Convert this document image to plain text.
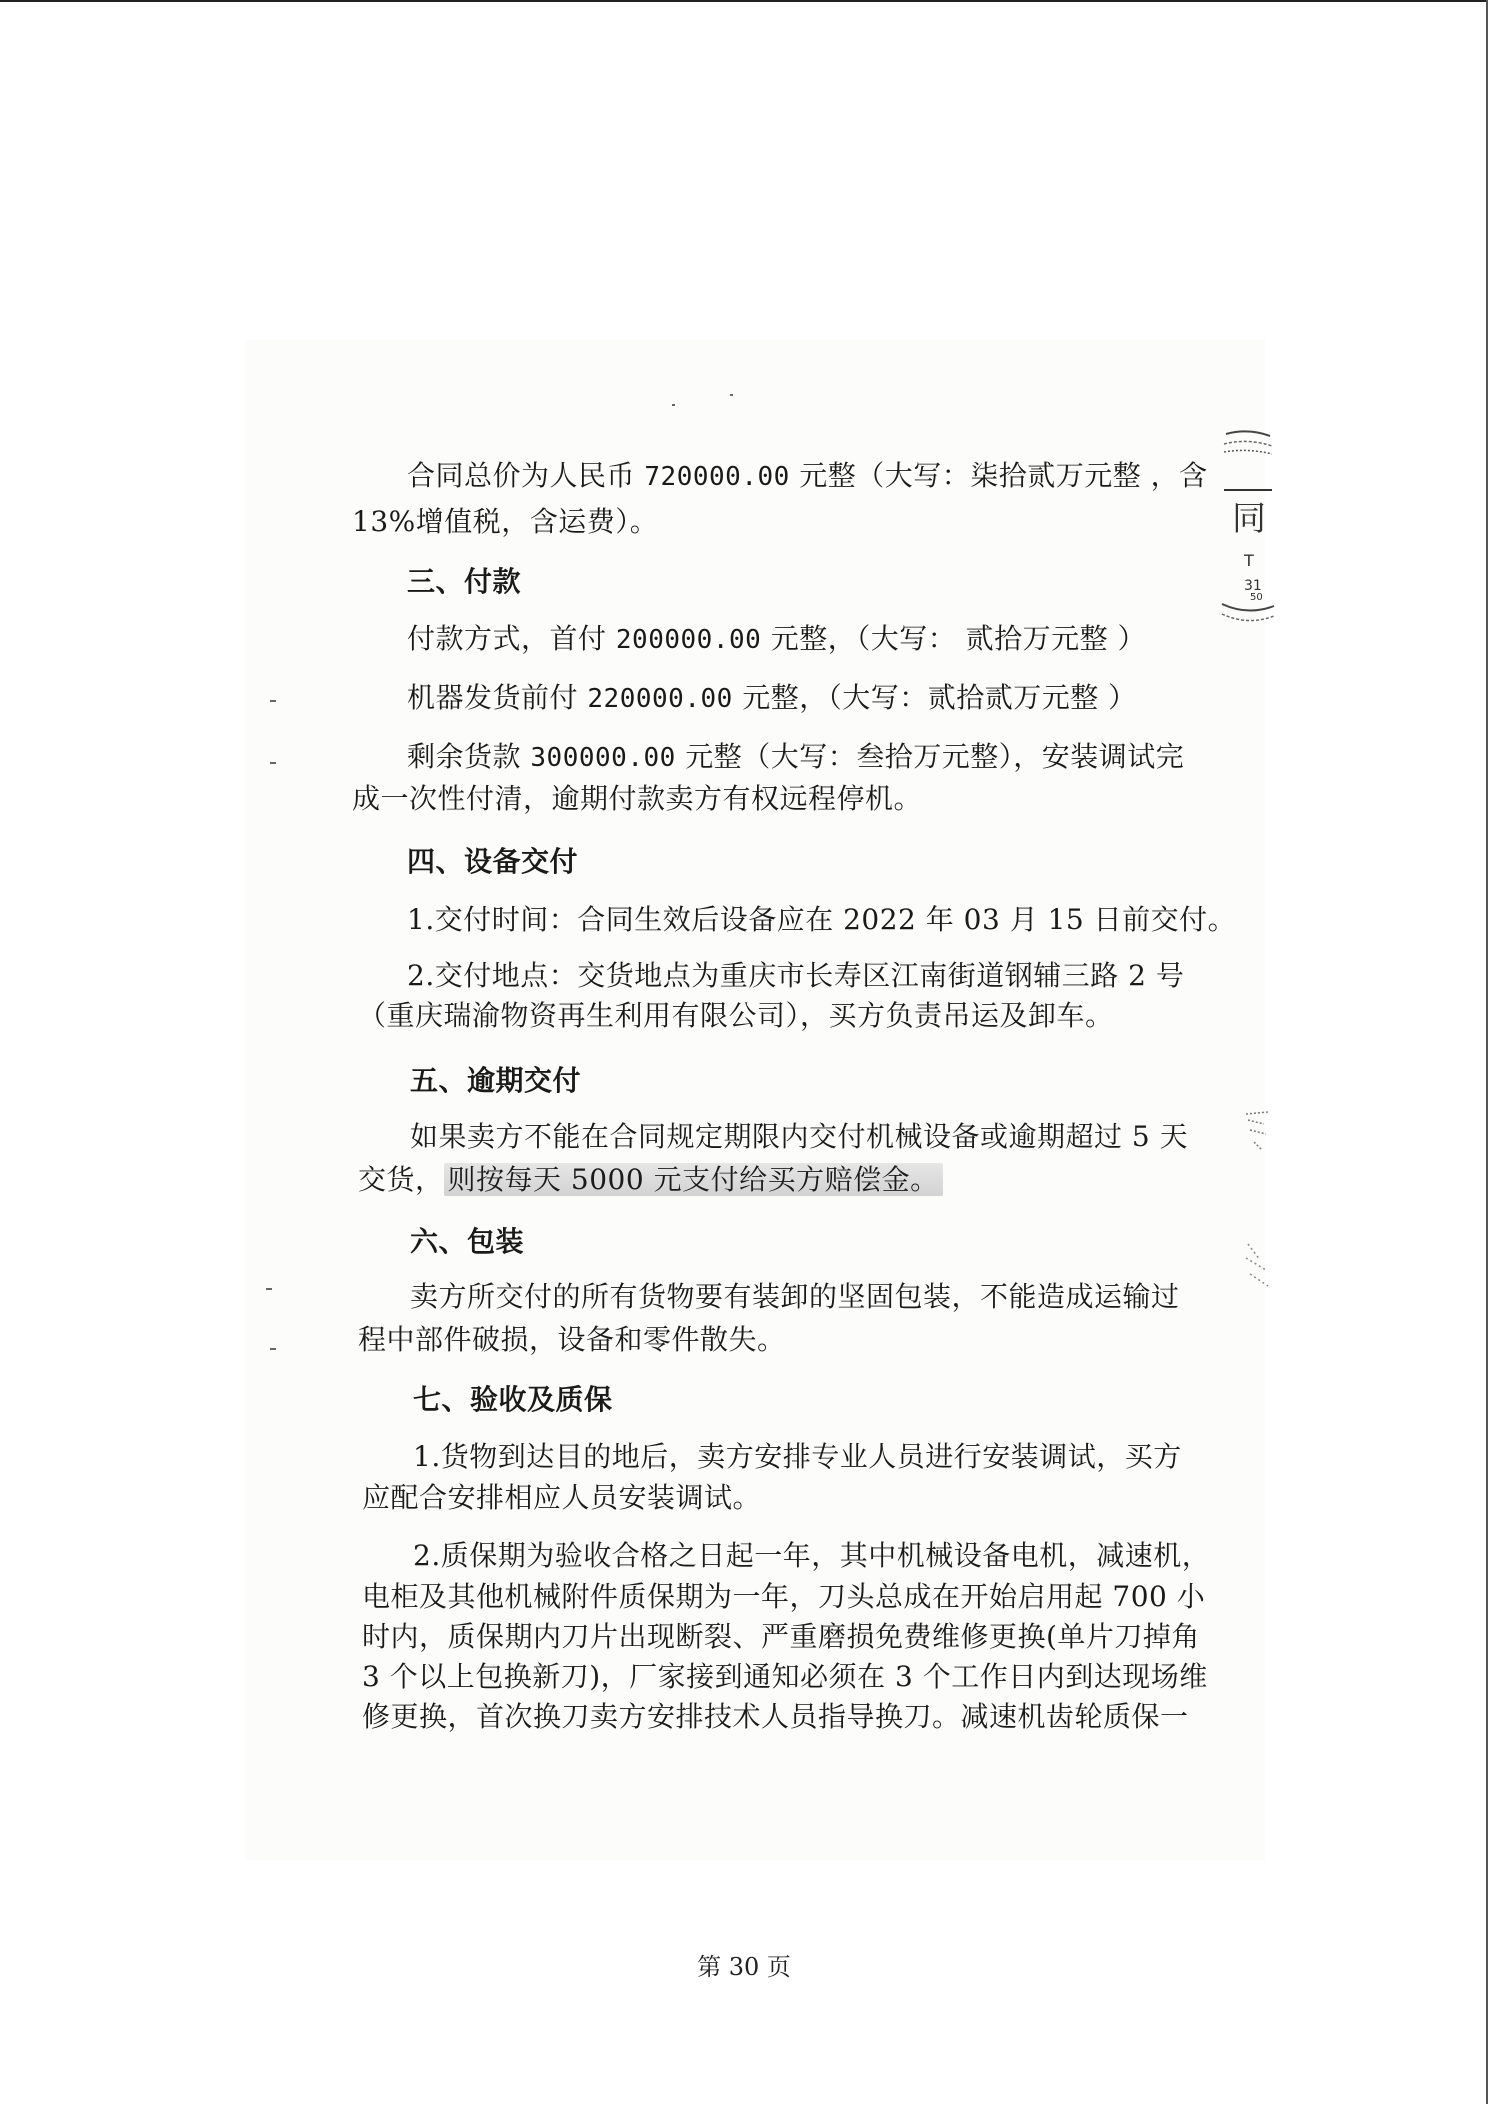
合同总价为人民币 720000.00 元整（大写：柒拾贰万元整 ，含
13%增值税，含运费）。
三、付款
付款方式，首付 200000.00 元整，（大写： 贰拾万元整 ）
机器发货前付 220000.00 元整，（大写：贰拾贰万元整 ）
剩余货款 300000.00 元整（大写：叁拾万元整），安装调试完
成一次性付清，逾期付款卖方有权远程停机。
四、设备交付
1.交付时间：合同生效后设备应在 2022 年 03 月 15 日前交付。
2.交付地点：交货地点为重庆市长寿区江南街道钢辅三路 2 号
（重庆瑞渝物资再生利用有限公司），买方负责吊运及卸车。
五、逾期交付
如果卖方不能在合同规定期限内交付机械设备或逾期超过 5 天
交货， 则按每天 5000 元支付给买方赔偿金。
六、包装
卖方所交付的所有货物要有装卸的坚固包装，不能造成运输过
程中部件破损，设备和零件散失。
七、验收及质保
1.货物到达目的地后，卖方安排专业人员进行安装调试，买方
应配合安排相应人员安装调试。
2.质保期为验收合格之日起一年，其中机械设备电机，减速机，
电柜及其他机械附件质保期为一年，刀头总成在开始启用起 700 小
时内，质保期内刀片出现断裂、严重磨损免费维修更换(单片刀掉角
3 个以上包换新刀)，厂家接到通知必须在 3 个工作日内到达现场维
修更换，首次换刀卖方安排技术人员指导换刀。减速机齿轮质保一
第 30 页
同
T
31
50
